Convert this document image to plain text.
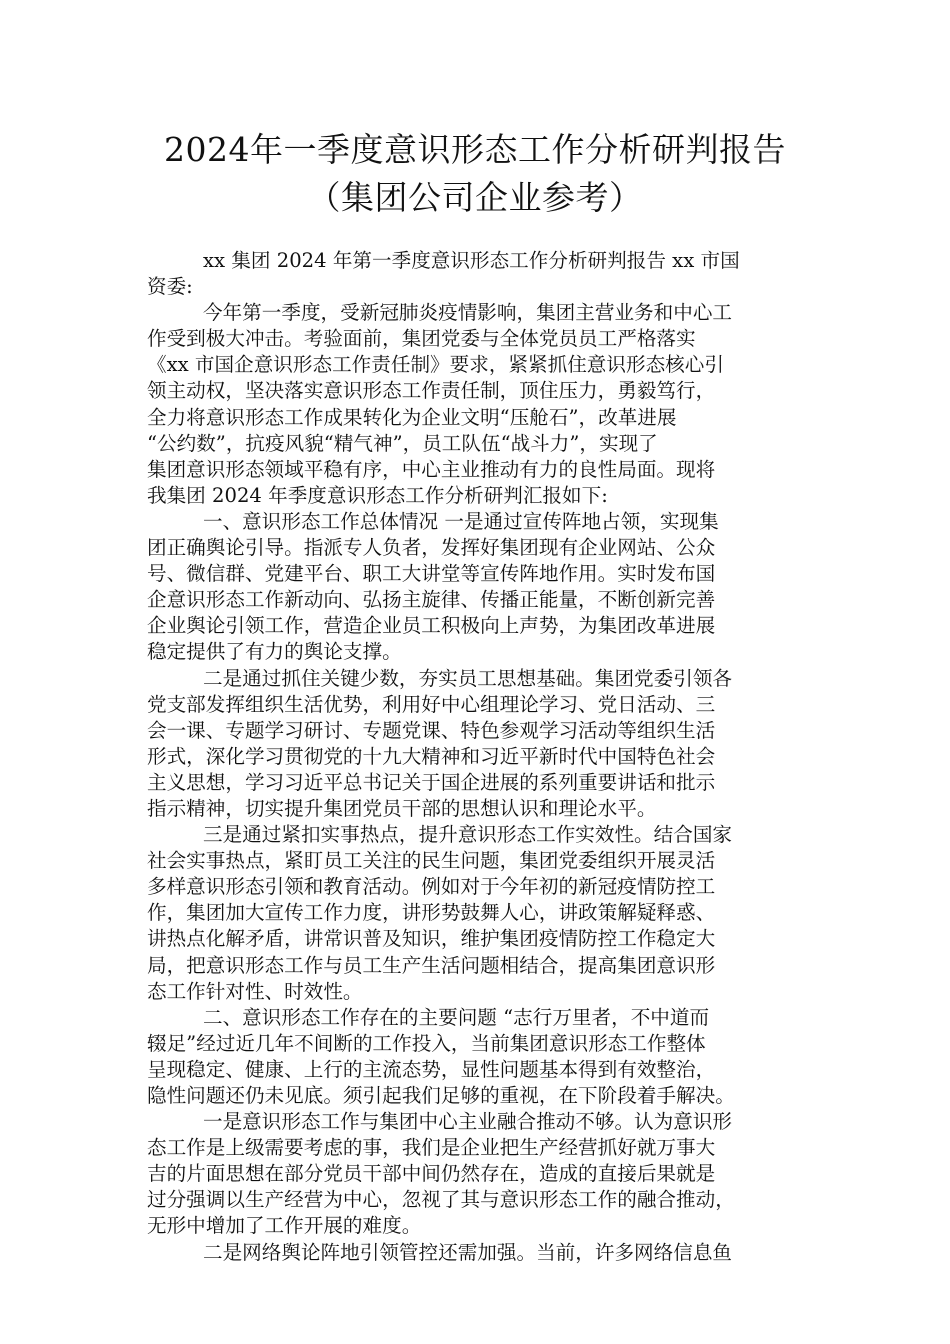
2024年一季度意识形态工作分析研判报告
（集团公司企业参考）
xx 集团 2024 年第一季度意识形态工作分析研判报告 xx 市国
资委:
今年第一季度，受新冠肺炎疫情影响，集团主营业务和中心工
作受到极大冲击。考验面前，集团党委与全体党员员工严格落实
《xx 市国企意识形态工作责任制》要求，紧紧抓住意识形态核心引
领主动权，坚决落实意识形态工作责任制，顶住压力，勇毅笃行，
全力将意识形态工作成果转化为企业文明“压舱石”，改革进展
“公约数”，抗疫风貌“精气神”，员工队伍“战斗力”，实现了
集团意识形态领域平稳有序，中心主业推动有力的良性局面。现将
我集团 2024 年季度意识形态工作分析研判汇报如下:
一、意识形态工作总体情况 一是通过宣传阵地占领，实现集
团正确舆论引导。指派专人负者，发挥好集团现有企业网站、公众
号、微信群、党建平台、职工大讲堂等宣传阵地作用。实时发布国
企意识形态工作新动向、弘扬主旋律、传播正能量，不断创新完善
企业舆论引领工作，营造企业员工积极向上声势，为集团改革进展
稳定提供了有力的舆论支撑。
二是通过抓住关键少数，夯实员工思想基础。集团党委引领各
党支部发挥组织生活优势，利用好中心组理论学习、党日活动、三
会一课、专题学习研讨、专题党课、特色参观学习活动等组织生活
形式，深化学习贯彻党的十九大精神和习近平新时代中国特色社会
主义思想，学习习近平总书记关于国企进展的系列重要讲话和批示
指示精神，切实提升集团党员干部的思想认识和理论水平。
三是通过紧扣实事热点，提升意识形态工作实效性。结合国家
社会实事热点，紧盯员工关注的民生问题，集团党委组织开展灵活
多样意识形态引领和教育活动。例如对于今年初的新冠疫情防控工
作，集团加大宣传工作力度，讲形势鼓舞人心，讲政策解疑释惑、
讲热点化解矛盾，讲常识普及知识，维护集团疫情防控工作稳定大
局，把意识形态工作与员工生产生活问题相结合，提高集团意识形
态工作针对性、时效性。
二、意识形态工作存在的主要问题 “志行万里者，不中道而
辍足”经过近几年不间断的工作投入，当前集团意识形态工作整体
呈现稳定、健康、上行的主流态势，显性问题基本得到有效整治，
隐性问题还仍未见底。须引起我们足够的重视，在下阶段着手解决。
一是意识形态工作与集团中心主业融合推动不够。认为意识形
态工作是上级需要考虑的事，我们是企业把生产经营抓好就万事大
吉的片面思想在部分党员干部中间仍然存在，造成的直接后果就是
过分强调以生产经营为中心，忽视了其与意识形态工作的融合推动，
无形中增加了工作开展的难度。
二是网络舆论阵地引领管控还需加强。当前，许多网络信息鱼
